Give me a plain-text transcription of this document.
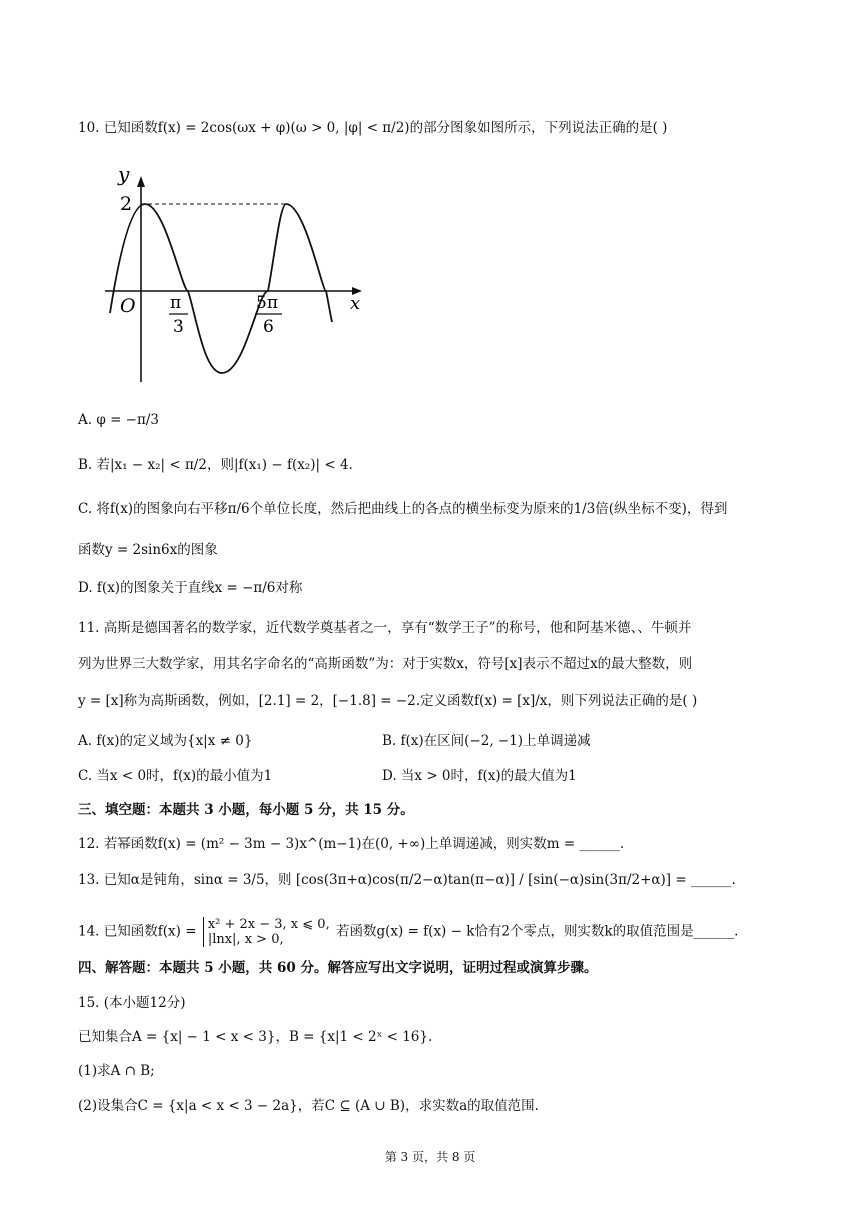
10. 已知函数f(x) = 2cos(ωx + φ)(ω > 0, |φ| < π/2)的部分图象如图所示，下列说法正确的是( )
y
x
O
2
π
3
5π
6
A. φ = −π/3
B. 若|x₁ − x₂| < π/2，则|f(x₁) − f(x₂)| < 4.
C. 将f(x)的图象向右平移π/6个单位长度，然后把曲线上的各点的横坐标变为原来的1/3倍(纵坐标不变)，得到
函数y = 2sin6x的图象
D. f(x)的图象关于直线x = −π/6对称
11. 高斯是德国著名的数学家，近代数学奠基者之一，享有“数学王子”的称号，他和阿基米德、、牛顿并
列为世界三大数学家，用其名字命名的“高斯函数”为：对于实数x，符号[x]表示不超过x的最大整数，则
y = [x]称为高斯函数，例如，[2.1] = 2，[−1.8] = −2.定义函数f(x) = [x]/x，则下列说法正确的是( )
A. f(x)的定义域为{x|x ≠ 0}	B. f(x)在区间(−2, −1)上单调递减
C. 当x < 0时，f(x)的最小值为1	D. 当x > 0时，f(x)的最大值为1
三、填空题：本题共 3 小题，每小题 5 分，共 15 分。
12. 若幂函数f(x) = (m² − 3m − 3)x^(m−1)在(0, +∞)上单调递减，则实数m = ______.
13. 已知α是钝角，sinα = 3/5，则 [cos(3π+α)cos(π/2−α)tan(π−α)] / [sin(−α)sin(3π/2+α)] = ______.
14. 已知函数f(x) = x² + 2x − 3, x ⩽ 0,
|lnx|, x > 0,	若函数g(x) = f(x) − k恰有2个零点，则实数k的取值范围是______.
四、解答题：本题共 5 小题，共 60 分。解答应写出文字说明，证明过程或演算步骤。
15. (本小题12分)
已知集合A = {x| − 1 < x < 3}，B = {x|1 < 2ˣ < 16}.
(1)求A ∩ B;
(2)设集合C = {x|a < x < 3 − 2a}，若C ⊆ (A ∪ B)，求实数a的取值范围.
第 3 页，共 8 页
